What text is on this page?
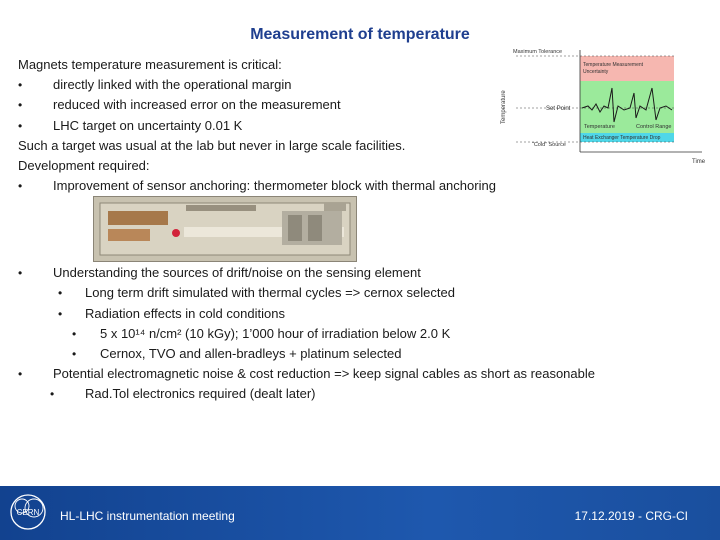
Measurement of temperature
Magnets temperature measurement is critical:
• directly linked with the operational margin
• reduced with increased error on the measurement
• LHC target on uncertainty 0.01 K
Such a target was usual at the lab but never in large scale facilities.
Development required:
• Improvement of sensor anchoring: thermometer block with thermal anchoring
• Understanding the sources of drift/noise on the sensing element
• Long term drift simulated with thermal cycles => cernox selected
• Radiation effects in cold conditions
• 5 x 10¹⁴ n/cm² (10 kGy); 1’000 hour of irradiation below 2.0 K
• Cernox, TVO and allen-bradleys + platinum selected
• Potential electromagnetic noise & cost reduction => keep signal cables as short as reasonable
• Rad.Tol electronics required (dealt later)
Maximum Tolerance
Temperature Measurement
Uncertainty
Set Point
Temperature	Control Range
Heat Exchanger Temperature Drop
“Cold” Source
Time
Temperature
CERN HL-LHC instrumentation meeting	17.12.2019 - CRG-CI
